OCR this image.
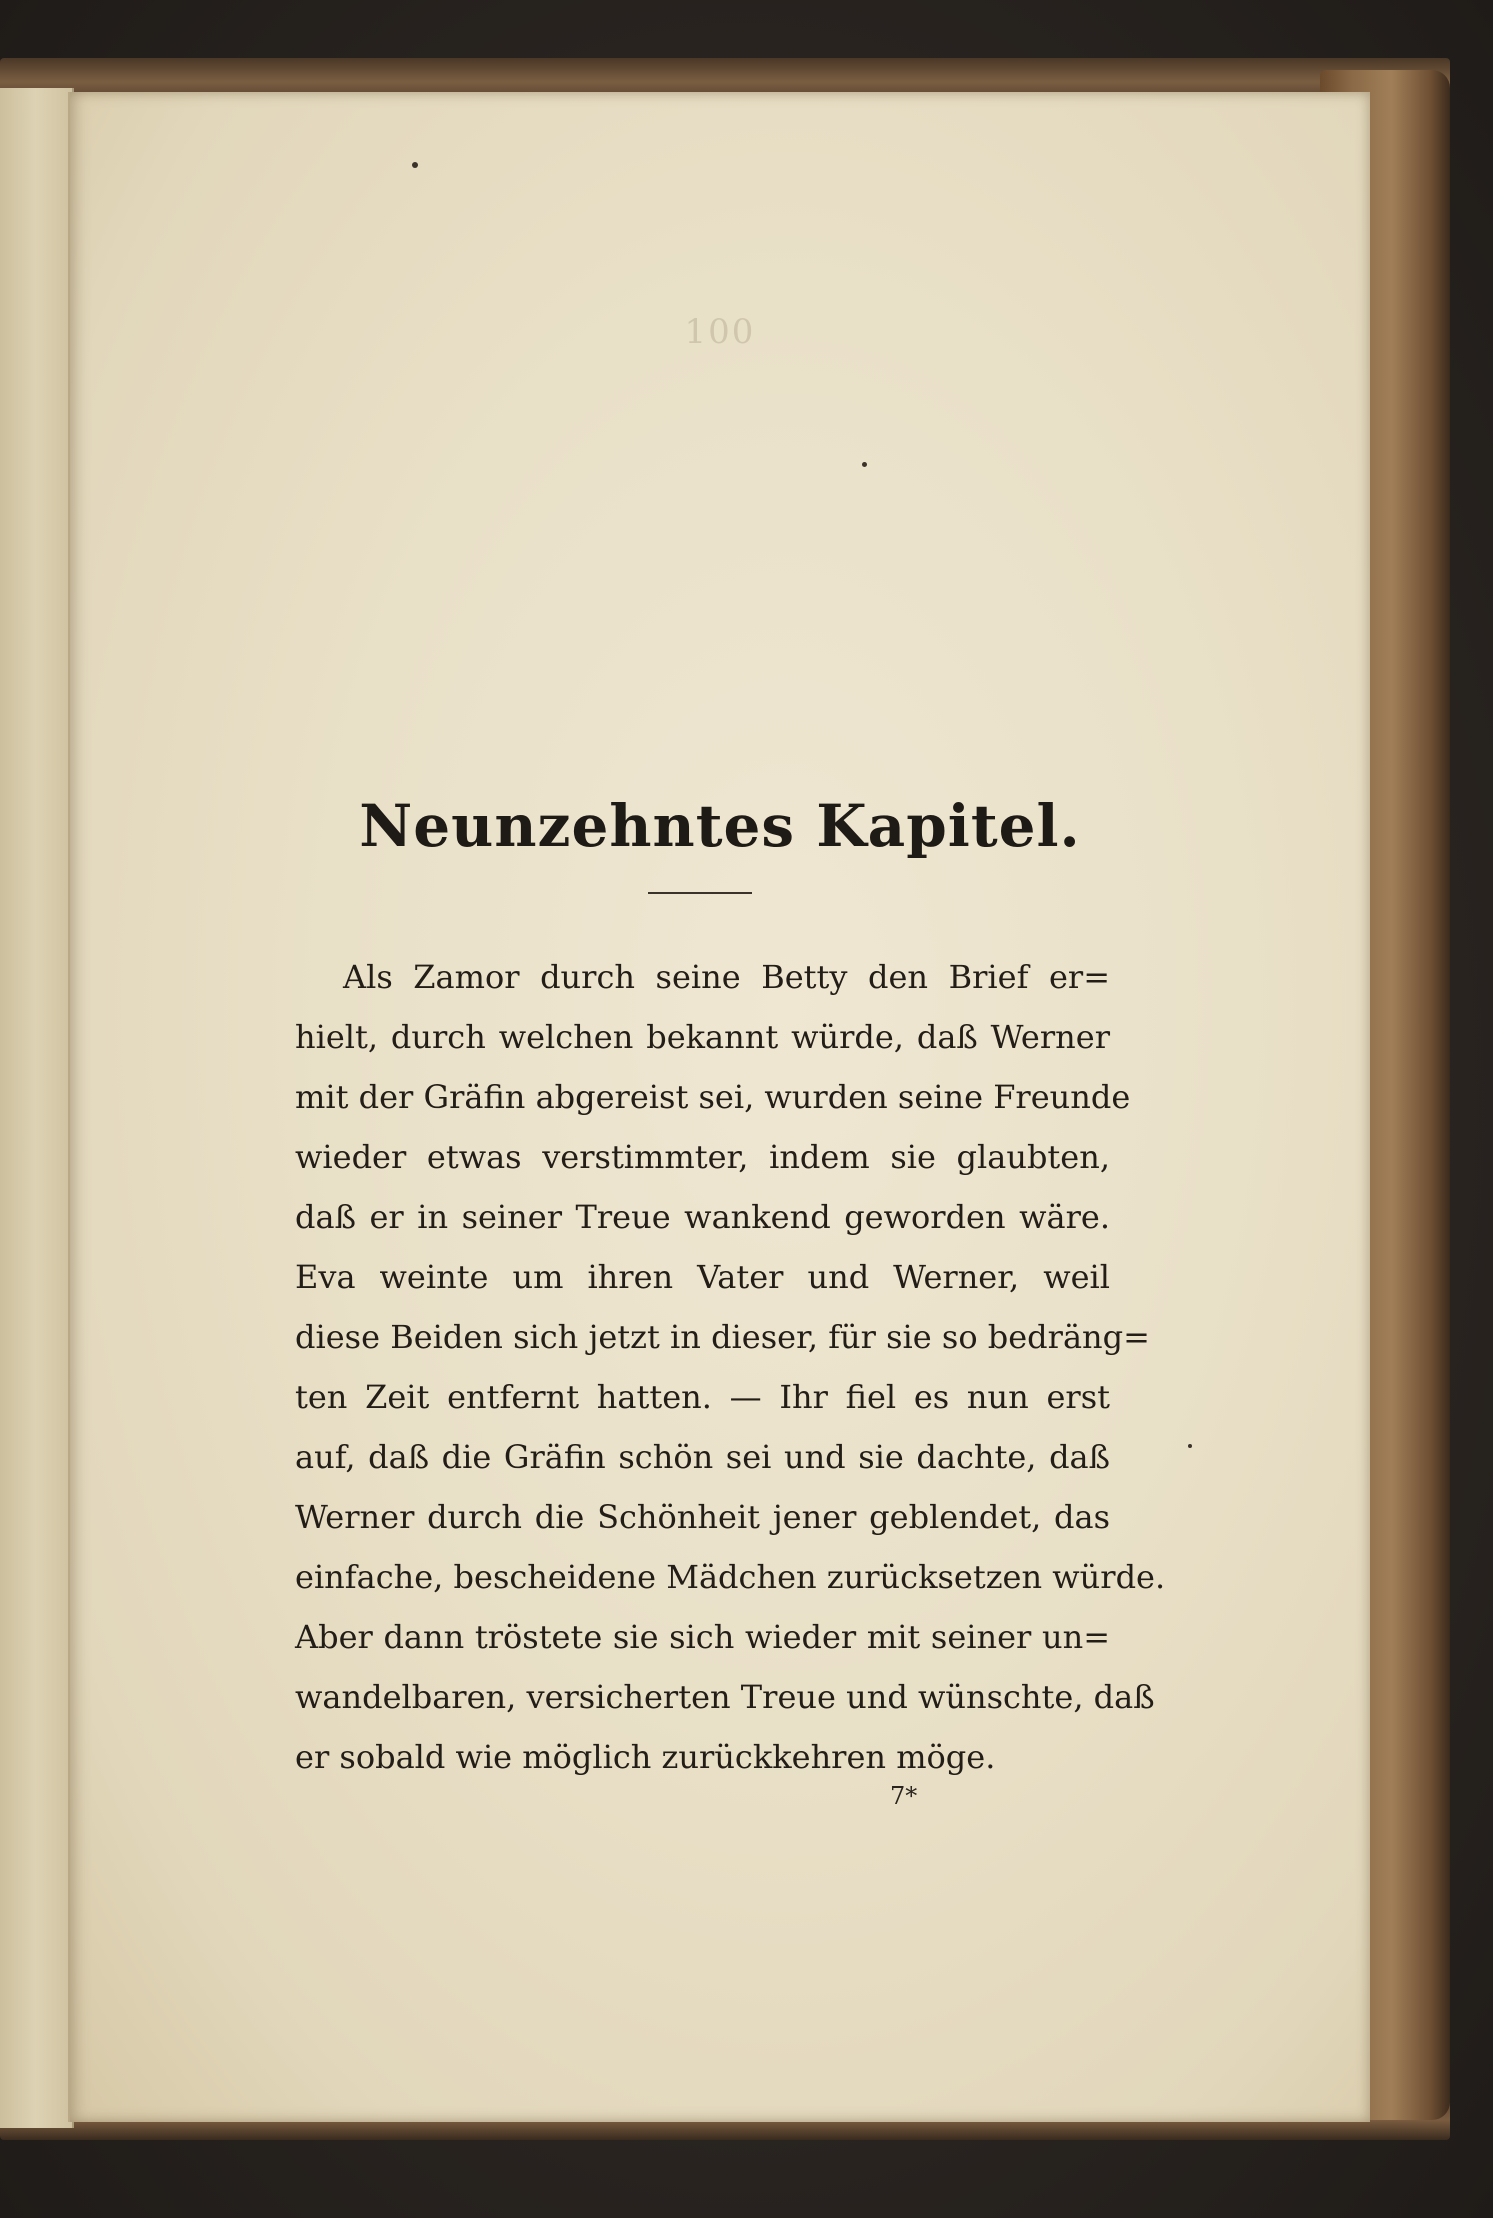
100
Neunzehntes Kapitel.
Als Zamor durch seine Betty den Brief er=
hielt, durch welchen bekannt würde, daß Werner
mit der Gräfin abgereist sei, wurden seine Freunde
wieder etwas verstimmter, indem sie glaubten,
daß er in seiner Treue wankend geworden wäre.
Eva weinte um ihren Vater und Werner, weil
diese Beiden sich jetzt in dieser, für sie so bedräng=
ten Zeit entfernt hatten. — Ihr fiel es nun erst
auf, daß die Gräfin schön sei und sie dachte, daß
Werner durch die Schönheit jener geblendet, das
einfache, bescheidene Mädchen zurücksetzen würde.
Aber dann tröstete sie sich wieder mit seiner un=
wandelbaren, versicherten Treue und wünschte, daß
er sobald wie möglich zurückkehren möge.
7*
